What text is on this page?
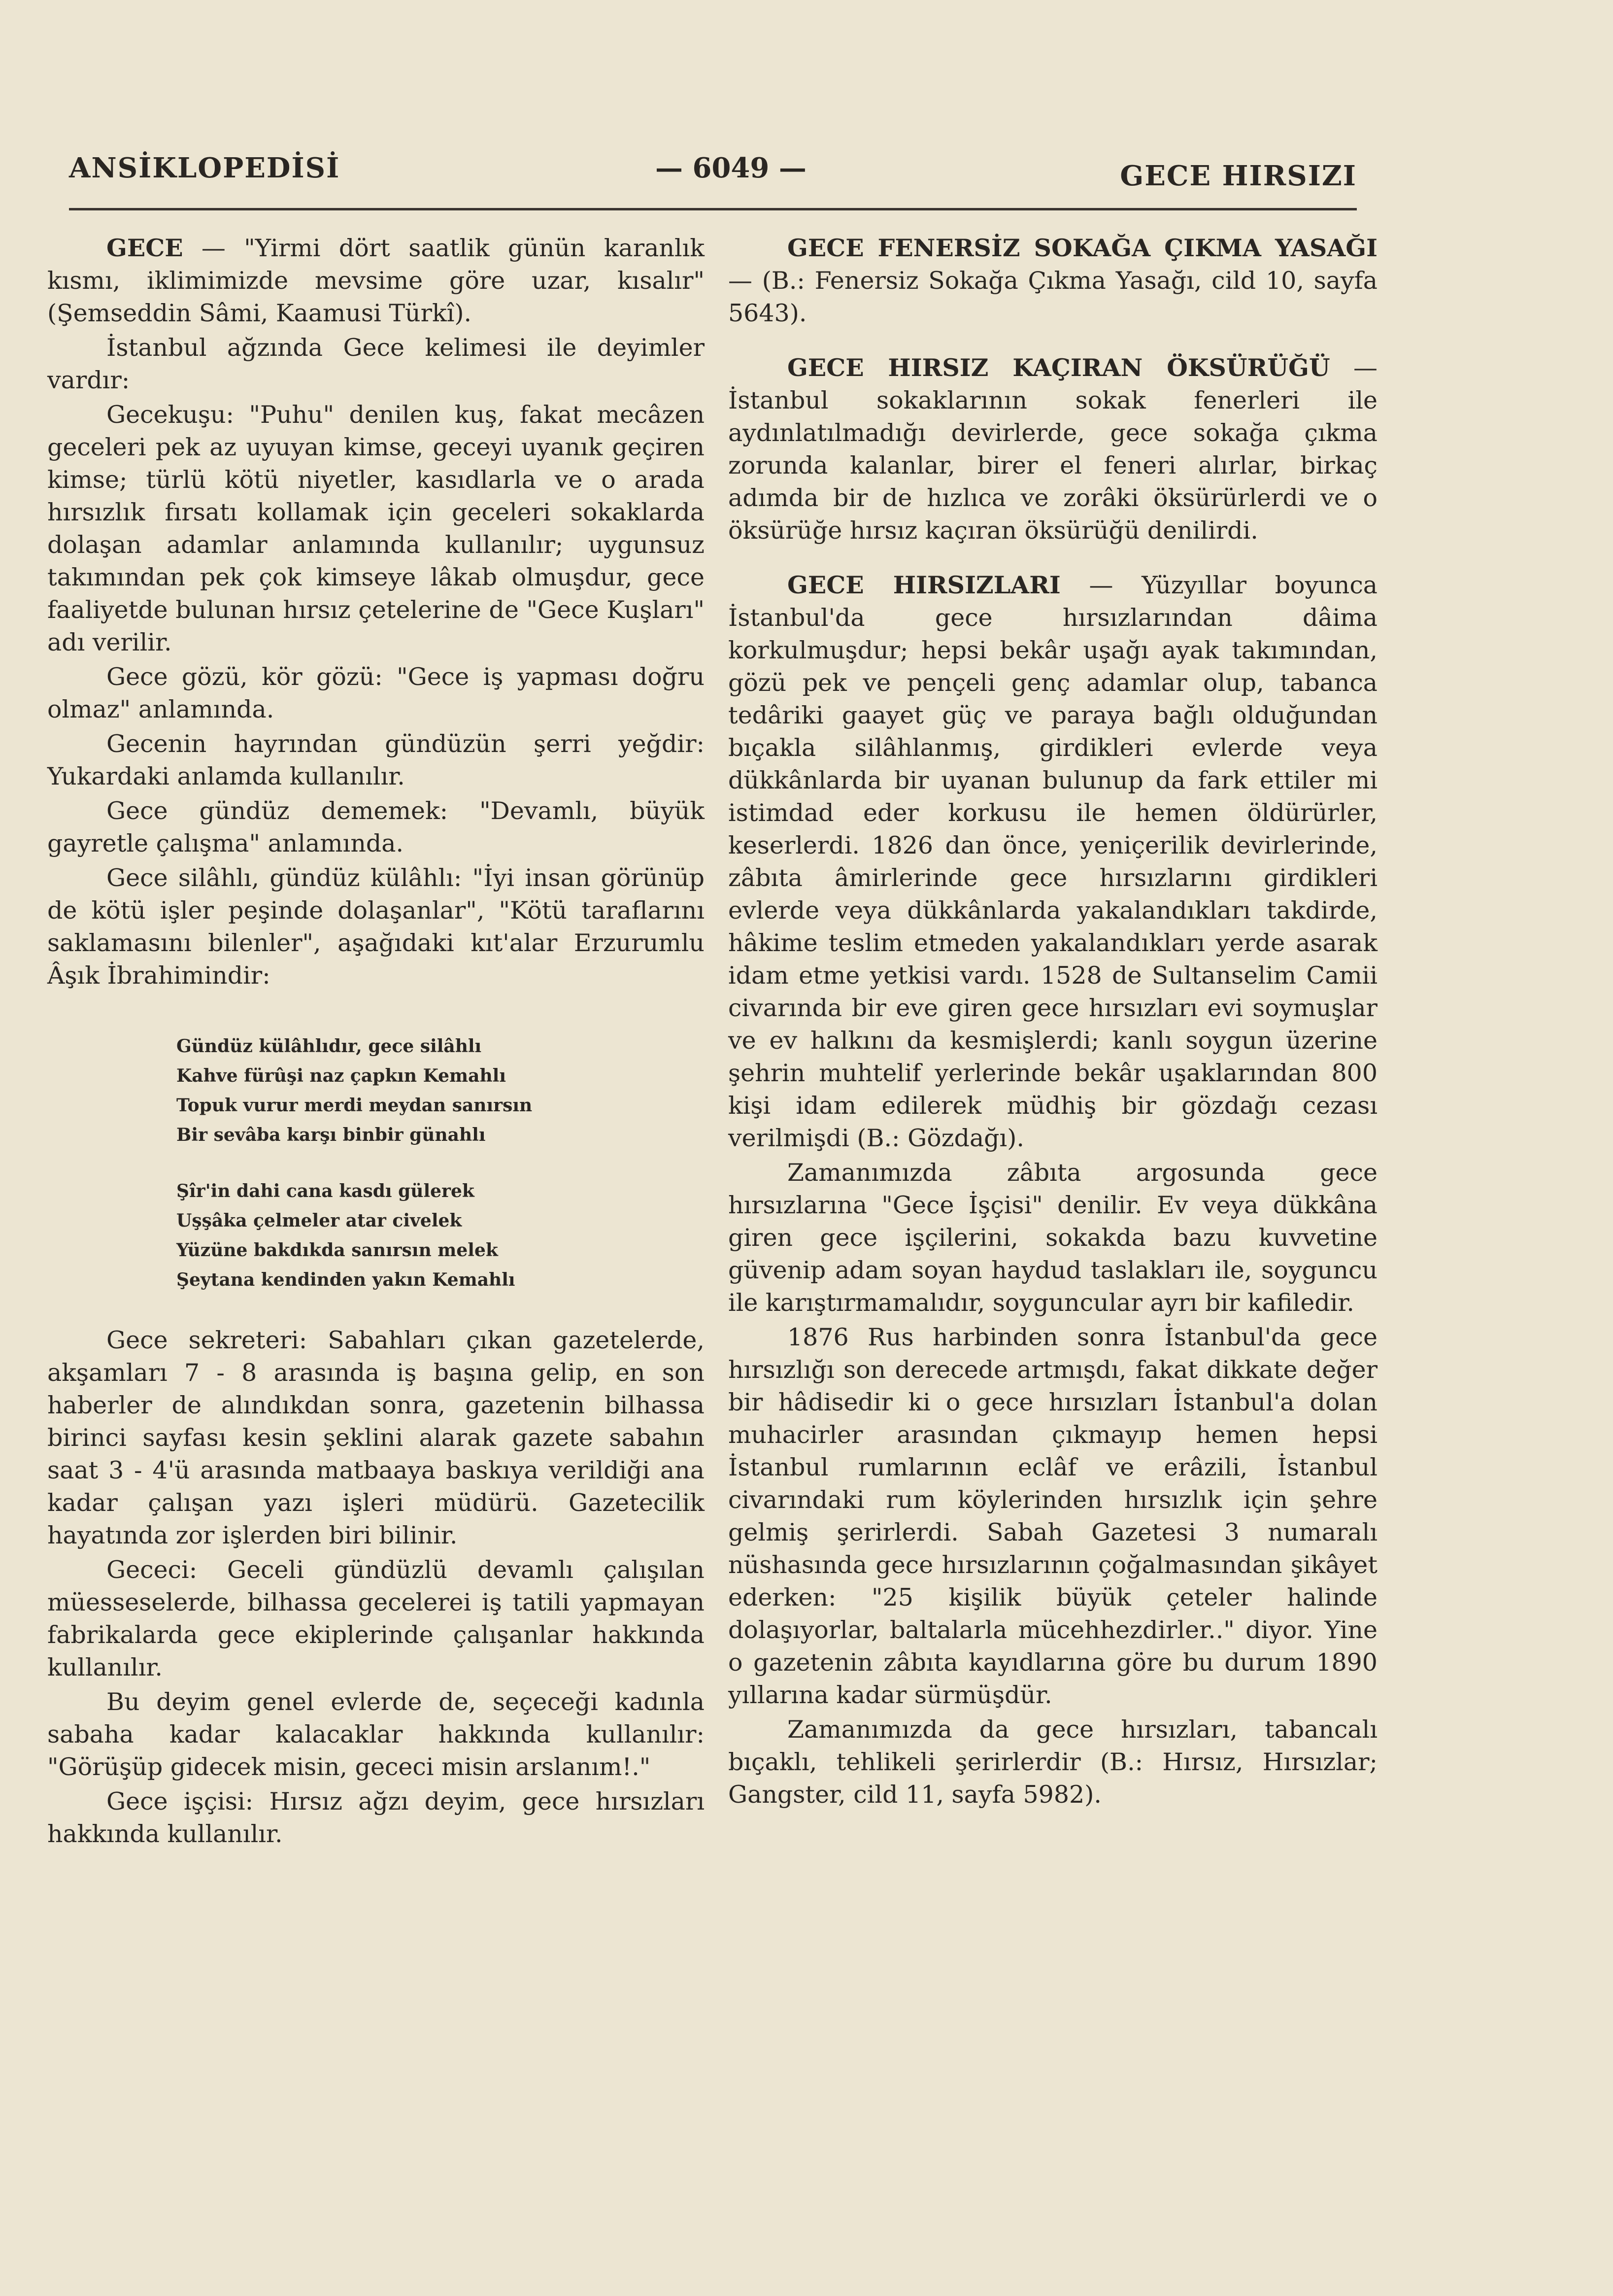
ANSİKLOPEDİSİ	— 6049 —	GECE HIRSIZI

GECE — "Yirmi dört saatlik günün karanlık kısmı, iklimimizde mevsime göre uzar, kısalır" (Şemseddin Sâmi, Kaamusi Türkî).

İstanbul ağzında Gece kelimesi ile deyimler vardır:

Gecekuşu: "Puhu" denilen kuş, fakat mecâzen geceleri pek az uyuyan kimse, geceyi uyanık geçiren kimse; türlü kötü niyetler, kasıdlarla ve o arada hırsızlık fırsatı kollamak için geceleri sokaklarda dolaşan adamlar anlamında kullanılır; uygunsuz takımından pek çok kimseye lâkab olmuşdur, gece faaliyetde bulunan hırsız çetelerine de "Gece Kuşları" adı verilir.

Gece gözü, kör gözü: "Gece iş yapması doğru olmaz" anlamında.

Gecenin hayrından gündüzün şerri yeğdir: Yukardaki anlamda kullanılır.

Gece gündüz dememek: "Devamlı, büyük gayretle çalışma" anlamında.

Gece silâhlı, gündüz külâhlı: "İyi insan görünüp de kötü işler peşinde dolaşanlar", "Kötü taraflarını saklamasını bilenler", aşağıdaki kıt'alar Erzurumlu Âşık İbrahimindir:

Gündüz külâhlıdır, gece silâhlı
Kahve fürûşi naz çapkın Kemahlı
Topuk vurur merdi meydan sanırsın
Bir sevâba karşı binbir günahlı
Şîr'in dahi cana kasdı gülerek
Uşşâka çelmeler atar civelek
Yüzüne bakdıkda sanırsın melek
Şeytana kendinden yakın Kemahlı

Gece sekreteri: Sabahları çıkan gazetelerde, akşamları 7 - 8 arasında iş başına gelip, en son haberler de alındıkdan sonra, gazetenin bilhassa birinci sayfası kesin şeklini alarak gazete sabahın saat 3 - 4'ü arasında matbaaya baskıya verildiği ana kadar çalışan yazı işleri müdürü. Gazetecilik hayatında zor işlerden biri bilinir.

Gececi: Geceli gündüzlü devamlı çalışılan müesseselerde, bilhassa gecelerei iş tatili yapmayan fabrikalarda gece ekiplerinde çalışanlar hakkında kullanılır.

Bu deyim genel evlerde de, seçeceği kadınla sabaha kadar kalacaklar hakkında kullanılır: "Görüşüp gidecek misin, gececi misin arslanım!."

Gece işçisi: Hırsız ağzı deyim, gece hırsızları hakkında kullanılır.

GECE FENERSİZ SOKAĞA ÇIKMA YASAĞI — (B.: Fenersiz Sokağa Çıkma Yasağı, cild 10, sayfa 5643).

GECE HIRSIZ KAÇIRAN ÖKSÜRÜĞÜ — İstanbul sokaklarının sokak fenerleri ile aydınlatılmadığı devirlerde, gece sokağa çıkma zorunda kalanlar, birer el feneri alırlar, birkaç adımda bir de hızlıca ve zorâki öksürürlerdi ve o öksürüğe hırsız kaçıran öksürüğü denilirdi.

GECE HIRSIZLARI — Yüzyıllar boyunca İstanbul'da gece hırsızlarından dâima korkulmuşdur; hepsi bekâr uşağı ayak takımından, gözü pek ve pençeli genç adamlar olup, tabanca tedâriki gaayet güç ve paraya bağlı olduğundan bıçakla silâhlanmış, girdikleri evlerde veya dükkânlarda bir uyanan bulunup da fark ettiler mi istimdad eder korkusu ile hemen öldürürler, keserlerdi. 1826 dan önce, yeniçerilik devirlerinde, zâbıta âmirlerinde gece hırsızlarını girdikleri evlerde veya dükkânlarda yakalandıkları takdirde, hâkime teslim etmeden yakalandıkları yerde asarak idam etme yetkisi vardı. 1528 de Sultanselim Camii civarında bir eve giren gece hırsızları evi soymuşlar ve ev halkını da kesmişlerdi; kanlı soygun üzerine şehrin muhtelif yerlerinde bekâr uşaklarından 800 kişi idam edilerek müdhiş bir gözdağı cezası verilmişdi (B.: Gözdağı).

Zamanımızda zâbıta argosunda gece hırsızlarına "Gece İşçisi" denilir. Ev veya dükkâna giren gece işçilerini, sokakda bazu kuvvetine güvenip adam soyan haydud taslakları ile, soyguncu ile karıştırmamalıdır, soyguncular ayrı bir kafiledir.

1876 Rus harbinden sonra İstanbul'da gece hırsızlığı son derecede artmışdı, fakat dikkate değer bir hâdisedir ki o gece hırsızları İstanbul'a dolan muhacirler arasından çıkmayıp hemen hepsi İstanbul rumlarının eclâf ve erâzili, İstanbul civarındaki rum köylerinden hırsızlık için şehre gelmiş şerirlerdi. Sabah Gazetesi 3 numaralı nüshasında gece hırsızlarının çoğalmasından şikâyet ederken: "25 kişilik büyük çeteler halinde dolaşıyorlar, baltalarla mücehhezdirler.." diyor. Yine o gazetenin zâbıta kayıdlarına göre bu durum 1890 yıllarına kadar sürmüşdür.

Zamanımızda da gece hırsızları, tabancalı bıçaklı, tehlikeli şerirlerdir (B.: Hırsız, Hırsızlar; Gangster, cild 11, sayfa 5982).
